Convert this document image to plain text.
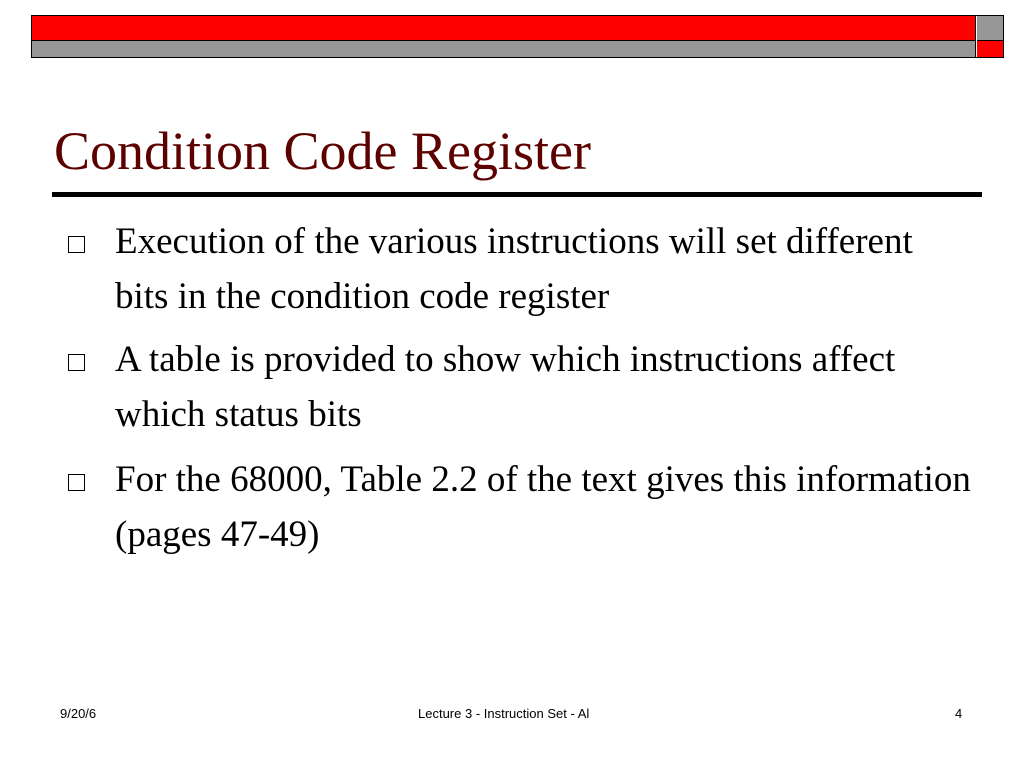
Condition Code Register
Execution of the various instructions will set different bits in the condition code register
A table is provided to show which instructions affect which status bits
For the 68000, Table 2.2 of the text gives this information (pages 47-49)
9/20/6	Lecture 3 - Instruction Set - Al	4
